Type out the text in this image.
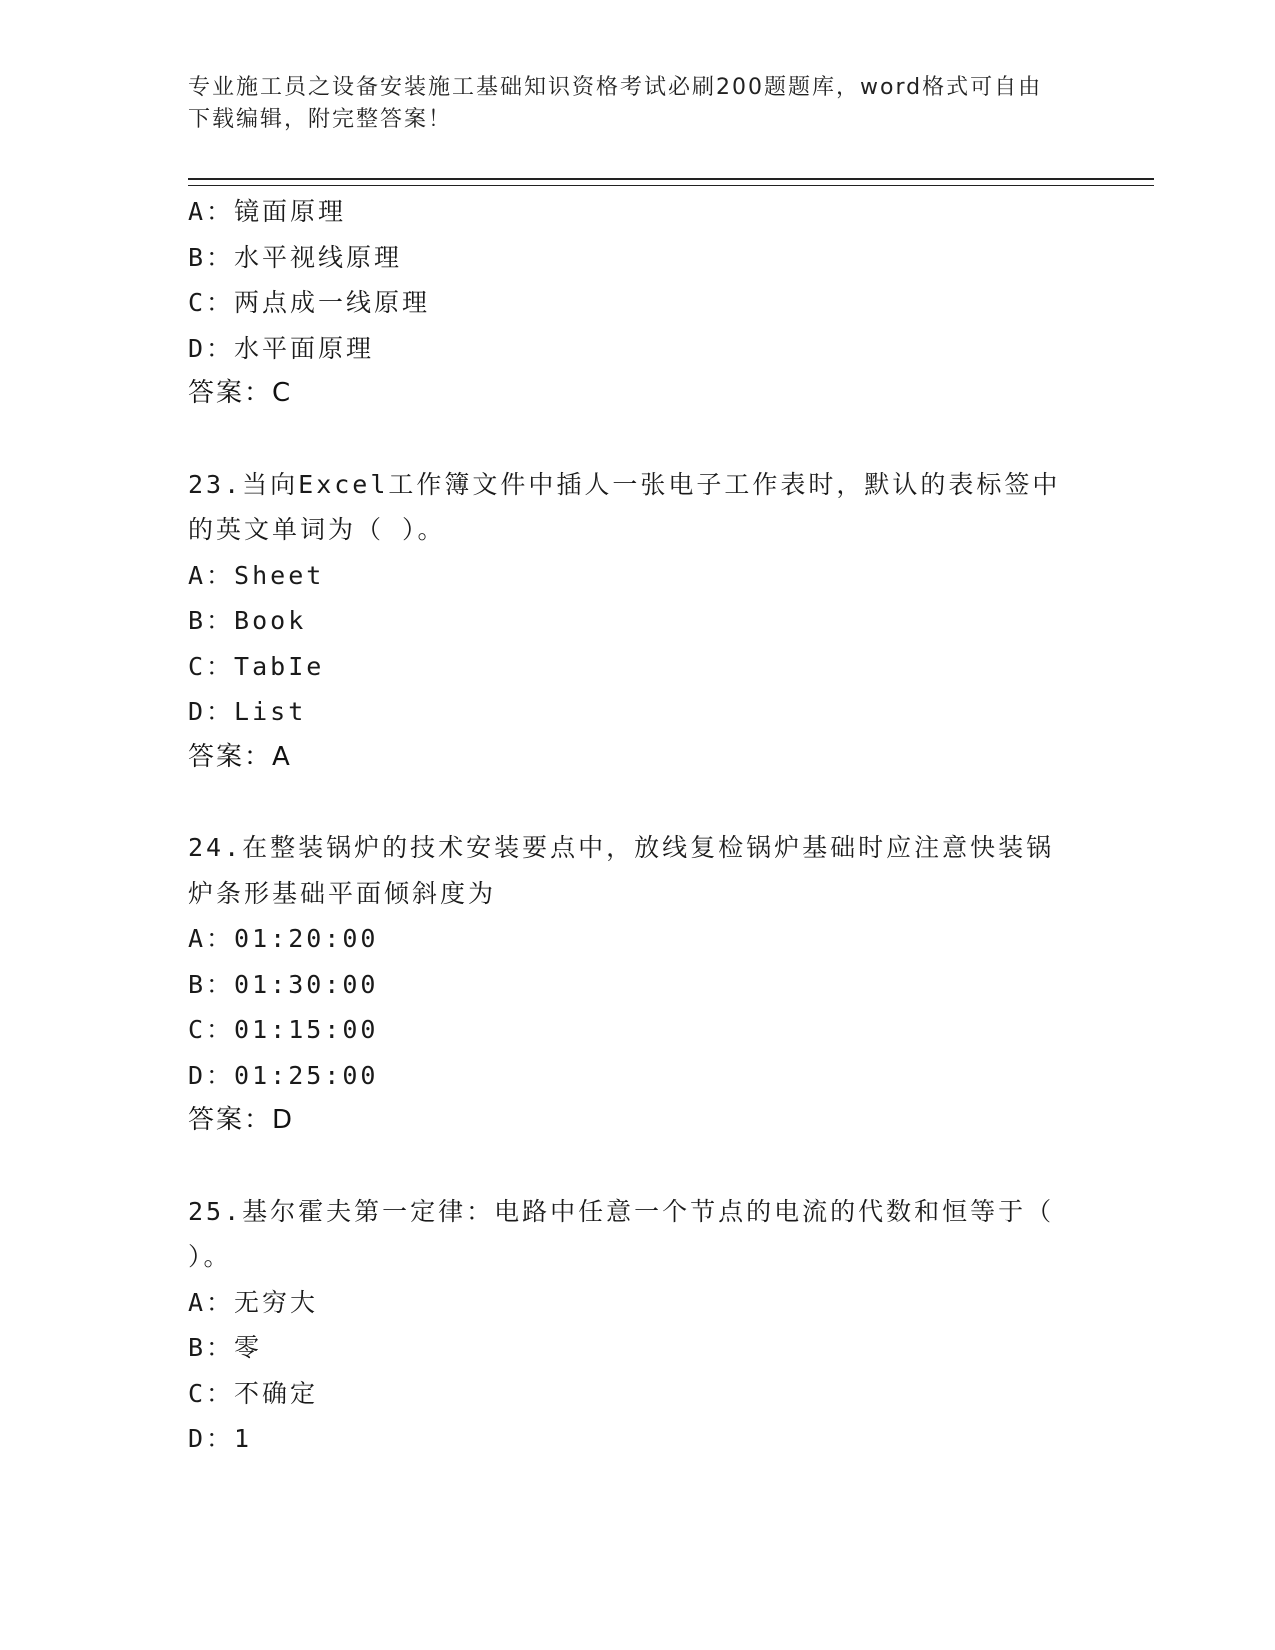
专业施工员之设备安装施工基础知识资格考试必刷200题题库，word格式可自由
下载编辑，附完整答案！
A：镜面原理
B：水平视线原理
C：两点成一线原理
D：水平面原理
答案：C
23.当向Excel工作簿文件中插人一张电子工作表时，默认的表标签中
的英文单词为（ ）。
A：Sheet
B：Book
C：TabIe
D：List
答案：A
24.在整装锅炉的技术安装要点中，放线复检锅炉基础时应注意快装锅
炉条形基础平面倾斜度为
A：01:20:00
B：01:30:00
C：01:15:00
D：01:25:00
答案：D
25.基尔霍夫第一定律：电路中任意一个节点的电流的代数和恒等于（
）。
A：无穷大
B：零
C：不确定
D：1
